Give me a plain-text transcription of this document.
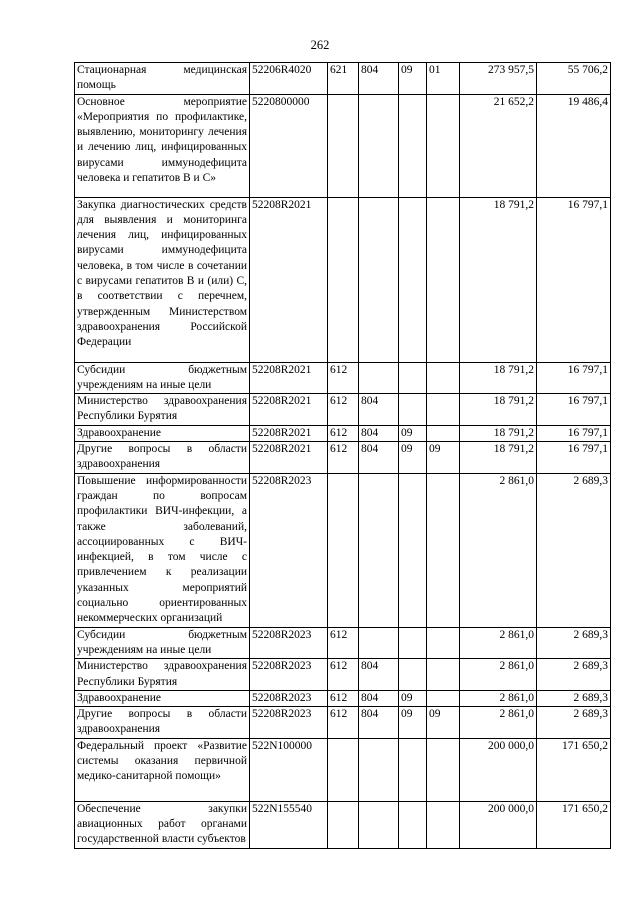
262
Стационарная медицинская помощь	52206R4020	621	804	09	01	273 957,5	55 706,2
Основное мероприятие «Мероприятия по профилактике, выявлению, мониторингу лечения и лечению лиц, инфицированных вирусами иммунодефицита человека и гепатитов В и С»	5220800000					21 652,2	19 486,4
Закупка диагностических средств для выявления и мониторинга лечения лиц, инфицированных вирусами иммунодефицита человека, в том числе в сочетании с вирусами гепатитов В и (или) С, в соответствии с перечнем, утвержденным Министерством здравоохранения Российской Федерации	52208R2021					18 791,2	16 797,1
Субсидии бюджетным учреждениям на иные цели	52208R2021	612				18 791,2	16 797,1
Министерство здравоохранения Республики Бурятия	52208R2021	612	804			18 791,2	16 797,1
Здравоохранение	52208R2021	612	804	09		18 791,2	16 797,1
Другие вопросы в области здравоохранения	52208R2021	612	804	09	09	18 791,2	16 797,1
Повышение информированности граждан по вопросам профилактики ВИЧ-инфекции, а также заболеваний, ассоциированных с ВИЧ-инфекцией, в том числе с привлечением к реализации указанных мероприятий социально ориентированных некоммерческих организаций	52208R2023					2 861,0	2 689,3
Субсидии бюджетным учреждениям на иные цели	52208R2023	612				2 861,0	2 689,3
Министерство здравоохранения Республики Бурятия	52208R2023	612	804			2 861,0	2 689,3
Здравоохранение	52208R2023	612	804	09		2 861,0	2 689,3
Другие вопросы в области здравоохранения	52208R2023	612	804	09	09	2 861,0	2 689,3
Федеральный проект «Развитие системы оказания первичной медико-санитарной помощи»	522N100000					200 000,0	171 650,2
Обеспечение закупки авиационных работ органами государственной власти субъектов	522N155540					200 000,0	171 650,2
